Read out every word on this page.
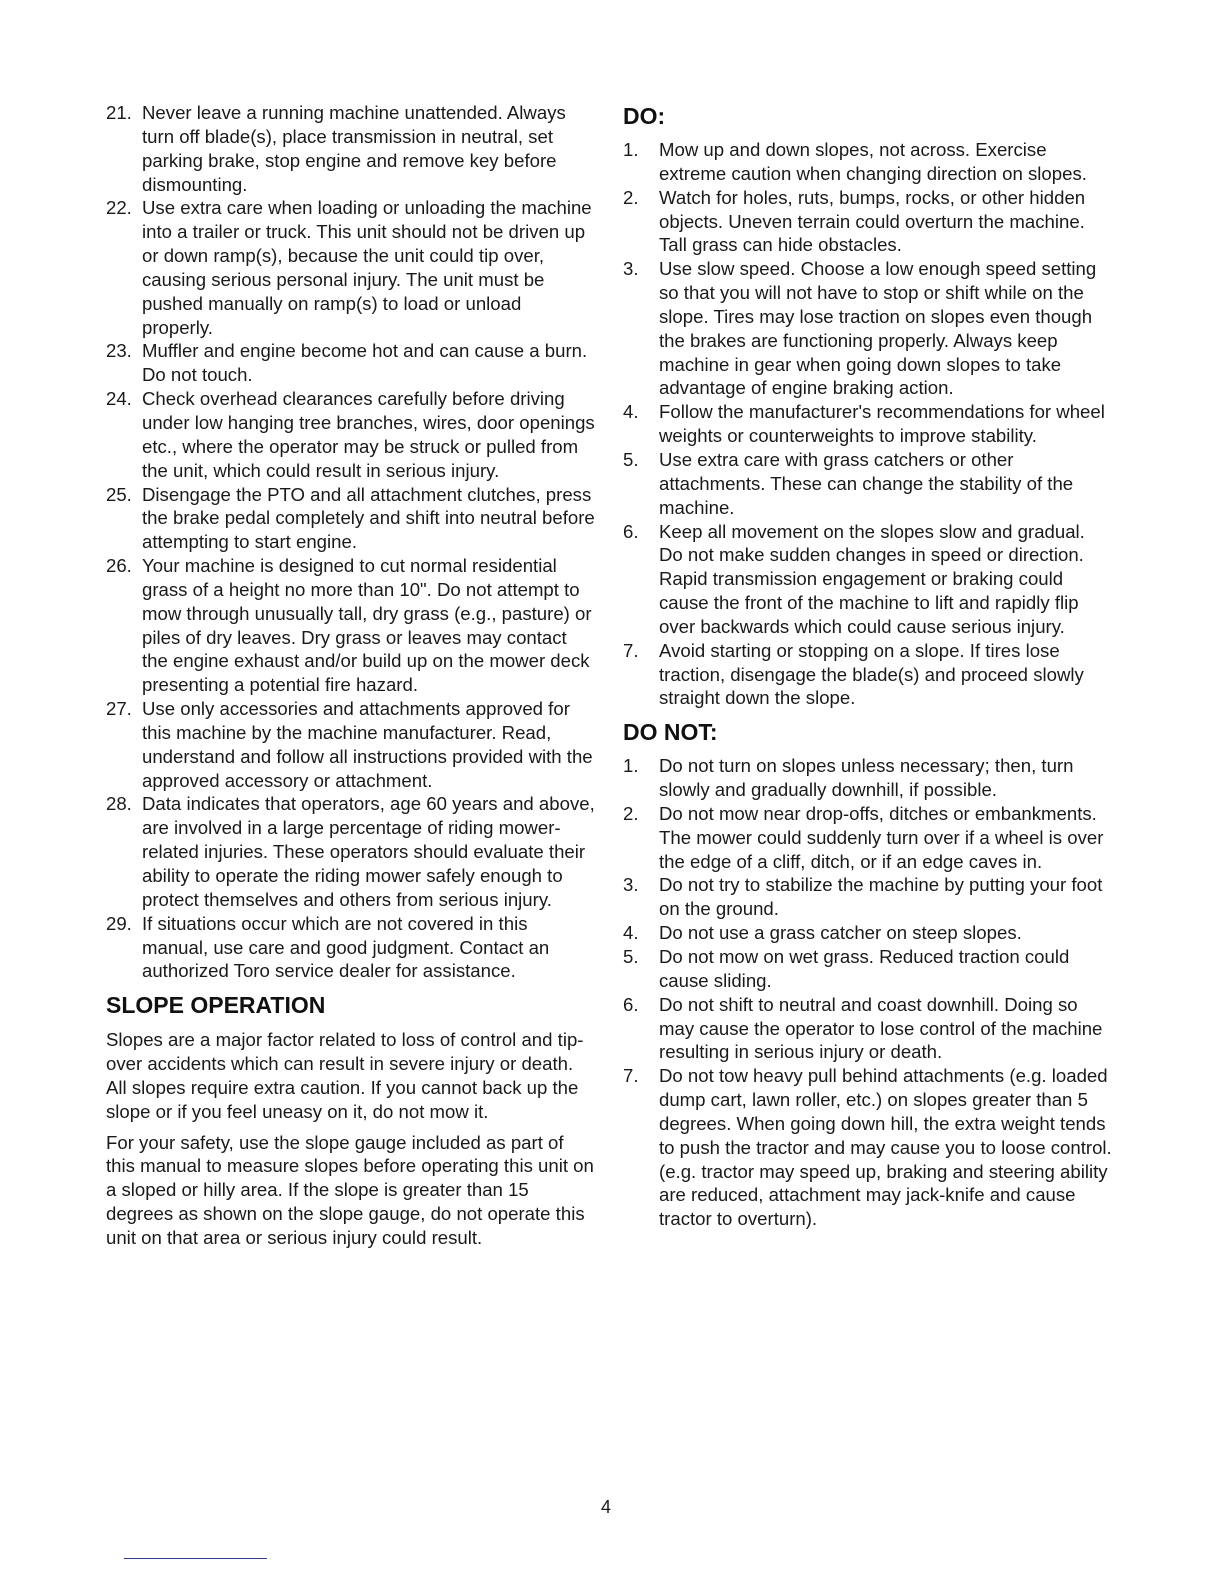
21. Never leave a running machine unattended. Always turn off blade(s), place transmission in neutral, set parking brake, stop engine and remove key before dismounting.
22. Use extra care when loading or unloading the machine into a trailer or truck. This unit should not be driven up or down ramp(s), because the unit could tip over, causing serious personal injury. The unit must be pushed manually on ramp(s) to load or unload properly.
23. Muffler and engine become hot and can cause a burn. Do not touch.
24. Check overhead clearances carefully before driving under low hanging tree branches, wires, door openings etc., where the operator may be struck or pulled from the unit, which could result in serious injury.
25. Disengage the PTO and all attachment clutches, press the brake pedal completely and shift into neutral before attempting to start engine.
26. Your machine is designed to cut normal residential grass of a height no more than 10". Do not attempt to mow through unusually tall, dry grass (e.g., pasture) or piles of dry leaves. Dry grass or leaves may contact the engine exhaust and/or build up on the mower deck presenting a potential fire hazard.
27. Use only accessories and attachments approved for this machine by the machine manufacturer. Read, understand and follow all instructions provided with the approved accessory or attachment.
28. Data indicates that operators, age 60 years and above, are involved in a large percentage of riding mower-related injuries. These operators should evaluate their ability to operate the riding mower safely enough to protect themselves and others from serious injury.
29. If situations occur which are not covered in this manual, use care and good judgment. Contact an authorized Toro service dealer for assistance.
SLOPE OPERATION

Slopes are a major factor related to loss of control and tip-over accidents which can result in severe injury or death. All slopes require extra caution. If you cannot back up the slope or if you feel uneasy on it, do not mow it.

For your safety, use the slope gauge included as part of this manual to measure slopes before operating this unit on a sloped or hilly area. If the slope is greater than 15 degrees as shown on the slope gauge, do not operate this unit on that area or serious injury could result.

DO:
1. Mow up and down slopes, not across. Exercise extreme caution when changing direction on slopes.
2. Watch for holes, ruts, bumps, rocks, or other hidden objects. Uneven terrain could overturn the machine. Tall grass can hide obstacles.
3. Use slow speed. Choose a low enough speed setting so that you will not have to stop or shift while on the slope. Tires may lose traction on slopes even though the brakes are functioning properly. Always keep machine in gear when going down slopes to take advantage of engine braking action.
4. Follow the manufacturer's recommendations for wheel weights or counterweights to improve stability.
5. Use extra care with grass catchers or other attachments. These can change the stability of the machine.
6. Keep all movement on the slopes slow and gradual. Do not make sudden changes in speed or direction. Rapid transmission engagement or braking could cause the front of the machine to lift and rapidly flip over backwards which could cause serious injury.
7. Avoid starting or stopping on a slope. If tires lose traction, disengage the blade(s) and proceed slowly straight down the slope.
DO NOT:
1. Do not turn on slopes unless necessary; then, turn slowly and gradually downhill, if possible.
2. Do not mow near drop-offs, ditches or embankments. The mower could suddenly turn over if a wheel is over the edge of a cliff, ditch, or if an edge caves in.
3. Do not try to stabilize the machine by putting your foot on the ground.
4. Do not use a grass catcher on steep slopes.
5. Do not mow on wet grass. Reduced traction could cause sliding.
6. Do not shift to neutral and coast downhill. Doing so may cause the operator to lose control of the machine resulting in serious injury or death.
7. Do not tow heavy pull behind attachments (e.g. loaded dump cart, lawn roller, etc.) on slopes greater than 5 degrees. When going down hill, the extra weight tends to push the tractor and may cause you to loose control. (e.g. tractor may speed up, braking and steering ability are reduced, attachment may jack-knife and cause tractor to overturn).
4
